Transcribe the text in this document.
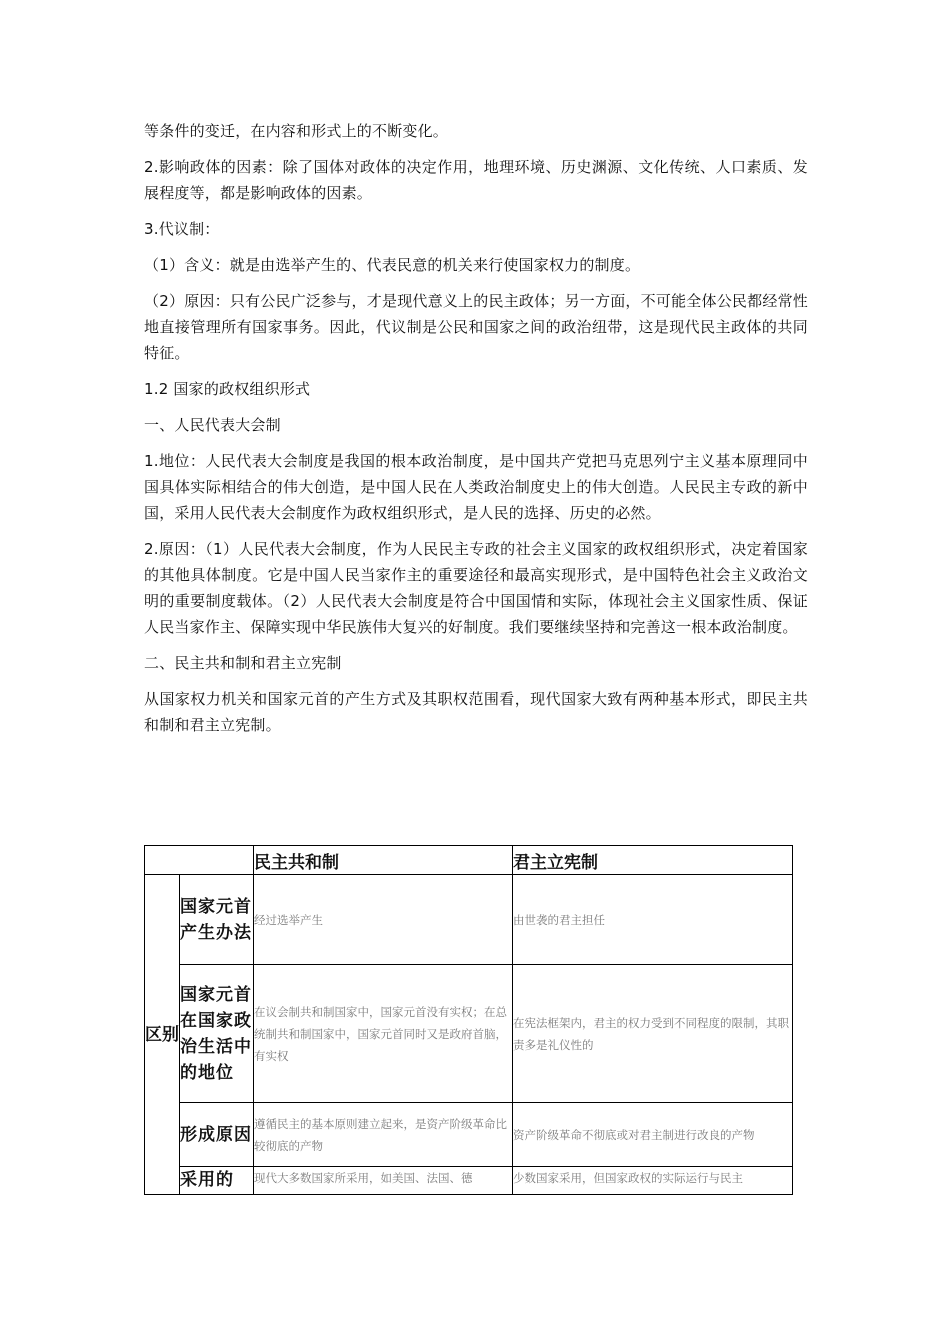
等条件的变迁，在内容和形式上的不断变化。

2.影响政体的因素：除了国体对政体的决定作用，地理环境、历史渊源、文化传统、人口素质、发展程度等，都是影响政体的因素。

3.代议制：

（1）含义：就是由选举产生的、代表民意的机关来行使国家权力的制度。

（2）原因：只有公民广泛参与，才是现代意义上的民主政体；另一方面，不可能全体公民都经常性地直接管理所有国家事务。因此，代议制是公民和国家之间的政治纽带，这是现代民主政体的共同特征。

1.2 国家的政权组织形式

一、人民代表大会制

1.地位：人民代表大会制度是我国的根本政治制度，是中国共产党把马克思列宁主义基本原理同中国具体实际相结合的伟大创造，是中国人民在人类政治制度史上的伟大创造。人民民主专政的新中国，采用人民代表大会制度作为政权组织形式，是人民的选择、历史的必然。

2.原因：（1）人民代表大会制度，作为人民民主专政的社会主义国家的政权组织形式，决定着国家的其他具体制度。它是中国人民当家作主的重要途径和最高实现形式，是中国特色社会主义政治文明的重要制度载体。（2）人民代表大会制度是符合中国国情和实际，体现社会主义国家性质、保证人民当家作主、保障实现中华民族伟大复兴的好制度。我们要继续坚持和完善这一根本政治制度。

二、民主共和制和君主立宪制

从国家权力机关和国家元首的产生方式及其职权范围看，现代国家大致有两种基本形式，即民主共和制和君主立宪制。

		民主共和制	君主立宪制
区别	国家元首产生办法	经过选举产生	由世袭的君主担任
	国家元首在国家政治生活中的地位	在议会制共和制国家中，国家元首没有实权；在总统制共和制国家中，国家元首同时又是政府首脑，有实权	在宪法框架内，君主的权力受到不同程度的限制，其职责多是礼仪性的
	形成原因	遵循民主的基本原则建立起来，是资产阶级革命比较彻底的产物	资产阶级革命不彻底或对君主制进行改良的产物
	采用的	现代大多数国家所采用，如美国、法国、德	少数国家采用，但国家政权的实际运行与民主
